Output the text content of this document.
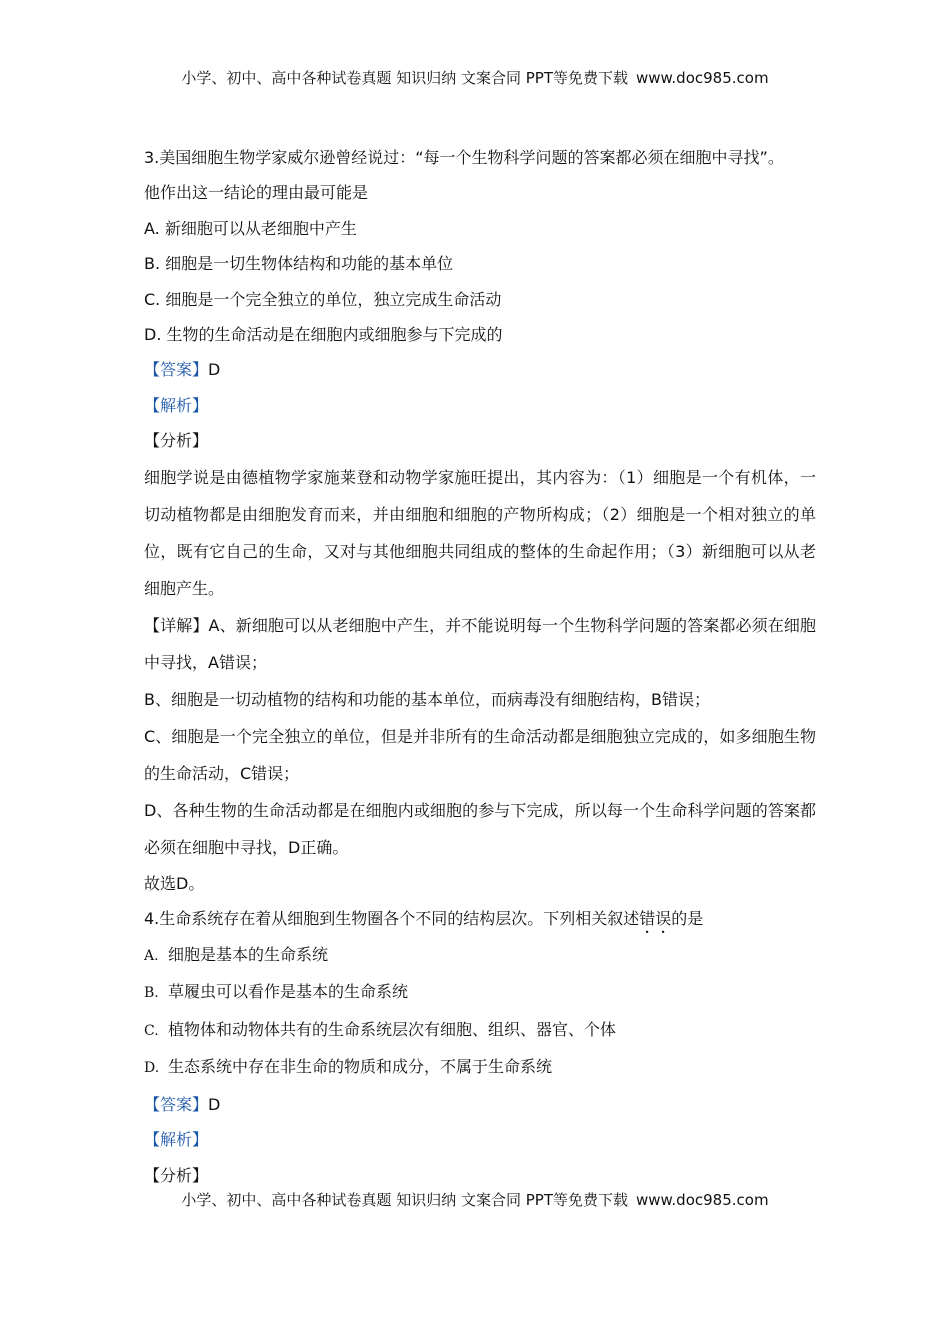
小学、初中、高中各种试卷真题 知识归纳 文案合同 PPT等免费下载 www.doc985.com
3.美国细胞生物学家威尔逊曾经说过：“每一个生物科学问题的答案都必须在细胞中寻找”。
他作出这一结论的理由最可能是
A. 新细胞可以从老细胞中产生
B. 细胞是一切生物体结构和功能的基本单位
C. 细胞是一个完全独立的单位，独立完成生命活动
D. 生物的生命活动是在细胞内或细胞参与下完成的
【答案】D
【解析】
【分析】
细胞学说是由德植物学家施莱登和动物学家施旺提出，其内容为：（1）细胞是一个有机体，一切动植物都是由细胞发育而来，并由细胞和细胞的产物所构成；（2）细胞是一个相对独立的单位，既有它自己的生命，又对与其他细胞共同组成的整体的生命起作用；（3）新细胞可以从老细胞产生。
【详解】A、新细胞可以从老细胞中产生，并不能说明每一个生物科学问题的答案都必须在细胞中寻找，A错误；
B、细胞是一切动植物的结构和功能的基本单位，而病毒没有细胞结构，B错误；
C、细胞是一个完全独立的单位，但是并非所有的生命活动都是细胞独立完成的，如多细胞生物的生命活动，C错误；
D、各种生物的生命活动都是在细胞内或细胞的参与下完成，所以每一个生命科学问题的答案都必须在细胞中寻找，D正确。
故选D。
4.生命系统存在着从细胞到生物圈各个不同的结构层次。下列相关叙述错误的是
A. 细胞是基本的生命系统
B. 草履虫可以看作是基本的生命系统
C. 植物体和动物体共有的生命系统层次有细胞、组织、器官、个体
D. 生态系统中存在非生命的物质和成分，不属于生命系统
【答案】D
【解析】
【分析】
小学、初中、高中各种试卷真题 知识归纳 文案合同 PPT等免费下载 www.doc985.com
